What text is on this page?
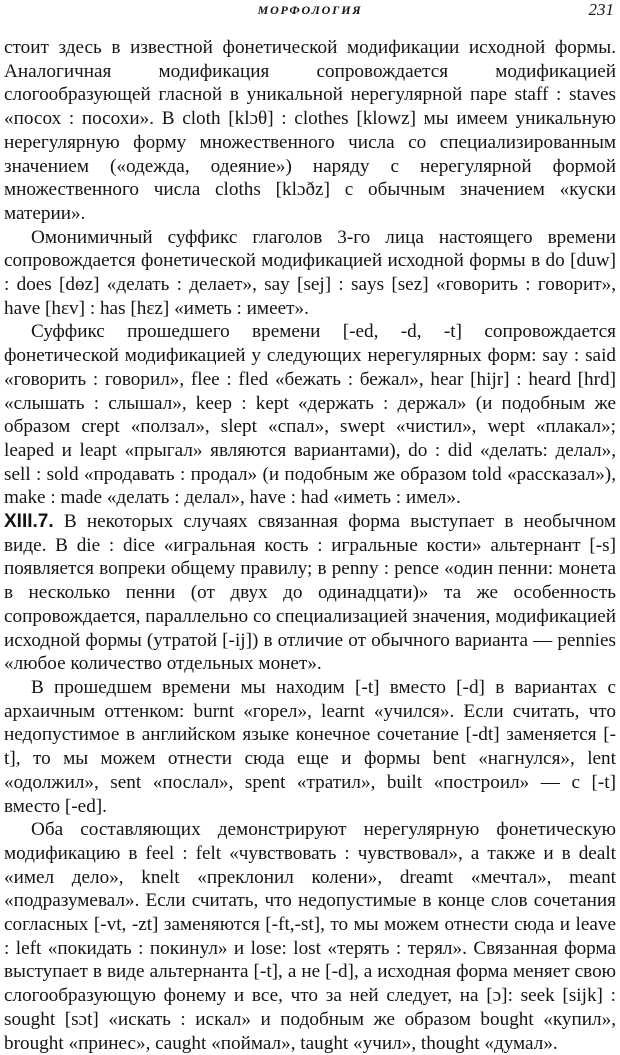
МОРФОЛОГИЯ	231

стоит здесь в известной фонетической модификации исходной формы. Аналогичная модификация сопровождается модификацией слогообразующей гласной в уникальной нерегулярной паре staff : staves «посох : посохи». В cloth [klɔθ] : clothes [klowz] мы имеем уникальную нерегулярную форму множественного числа со специализированным значением («одежда, одеяние») наряду с нерегулярной формой множественного числа cloths [klɔðz] с обычным значением «куски материи».

Омонимичный суффикс глаголов 3-го лица настоящего времени сопровождается фонетической модификацией исходной формы в do [duw] : does [dɵz] «делать : делает», say [sej] : says [sez] «говорить : говорит», have [hɛv] : has [hɛz] «иметь : имеет».

Суффикс прошедшего времени [-ed, -d, -t] сопровождается фонетической модификацией у следующих нерегулярных форм: say : said «говорить : говорил», flee : fled «бежать : бежал», hear [hijr] : heard [hrd] «слышать : слышал», keep : kept «держать : держал» (и подобным же образом crept «ползал», slept «спал», swept «чистил», wept «плакал»; leaped и leapt «прыгал» являются вариантами), do : did «делать: делал», sell : sold «продавать : продал» (и подобным же образом told «рассказал»), make : made «делать : делал», have : had «иметь : имел».

XIII.7. В некоторых случаях связанная форма выступает в необычном виде. В die : dice «игральная кость : игральные кости» альтернант [-s] появляется вопреки общему правилу; в penny : pence «один пенни: монета в несколько пенни (от двух до одинадцати)» та же особенность сопровождается, параллельно со специализацией значения, модификацией исходной формы (утратой [-ij]) в отличие от обычного варианта — pennies «любое количество отдельных монет».

В прошедшем времени мы находим [-t] вместо [-d] в вариантах с архаичным оттенком: burnt «горел», learnt «учился». Если считать, что недопустимое в английском языке конечное сочетание [-dt] заменяется [-t], то мы можем отнести сюда еще и формы bent «нагнулся», lent «одолжил», sent «послал», spent «тратил», built «построил» — с [-t] вместо [-ed].

Оба составляющих демонстрируют нерегулярную фонетическую модификацию в feel : felt «чувствовать : чувствовал», а также и в dealt «имел дело», knelt «преклонил колени», dreamt «мечтал», meant «подразумевал». Если считать, что недопустимые в конце слов сочетания согласных [-vt, -zt] заменяются [-ft,-st], то мы можем отнести сюда и leave : left «покидать : покинул» и lose: lost «терять : терял». Связанная форма выступает в виде альтернанта [-t], а не [-d], а исходная форма меняет свою слогообразующую фонему и все, что за ней следует, на [ɔ]: seek [sijk] : sought [sɔt] «искать : искал» и подобным же образом bought «купил», brought «принес», caught «поймал», taught «учил», thought «думал».
